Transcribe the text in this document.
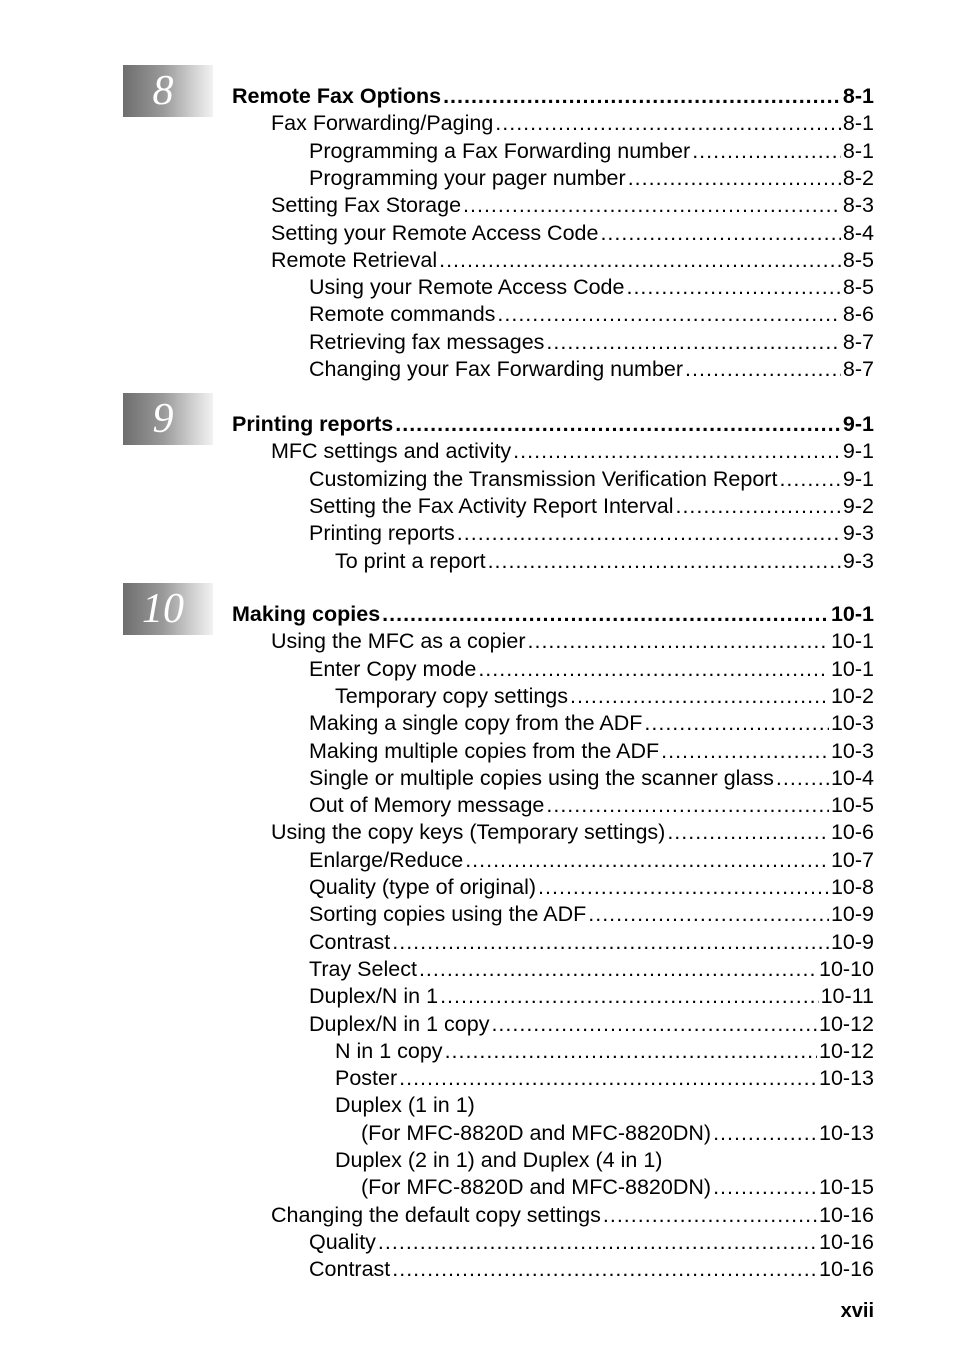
8
9
10
Remote Fax Options .....	8-1
Fax Forwarding/Paging .....	8-1
Programming a Fax Forwarding number .....	8-1
Programming your pager number .....	8-2
Setting Fax Storage .....	8-3
Setting your Remote Access Code .....	8-4
Remote Retrieval .....	8-5
Using your Remote Access Code .....	8-5
Remote commands .....	8-6
Retrieving fax messages .....	8-7
Changing your Fax Forwarding number .....	8-7
Printing reports .....	9-1
MFC settings and activity .....	9-1
Customizing the Transmission Verification Report .....	9-1
Setting the Fax Activity Report Interval .....	9-2
Printing reports .....	9-3
To print a report .....	9-3
Making copies .....	10-1
Using the MFC as a copier .....	10-1
Enter Copy mode .....	10-1
Temporary copy settings .....	10-2
Making a single copy from the ADF .....	10-3
Making multiple copies from the ADF .....	10-3
Single or multiple copies using the scanner glass .....	10-4
Out of Memory message .....	10-5
Using the copy keys (Temporary settings) .....	10-6
Enlarge/Reduce .....	10-7
Quality (type of original) .....	10-8
Sorting copies using the ADF .....	10-9
Contrast .....	10-9
Tray Select .....	10-10
Duplex/N in 1 .....	10-11
Duplex/N in 1 copy .....	10-12
N in 1 copy .....	10-12
Poster .....	10-13
Duplex (1 in 1)
(For MFC-8820D and MFC-8820DN) .....	10-13
Duplex (2 in 1) and Duplex (4 in 1)
(For MFC-8820D and MFC-8820DN) .....	10-15
Changing the default copy settings .....	10-16
Quality .....	10-16
Contrast .....	10-16
xvii
